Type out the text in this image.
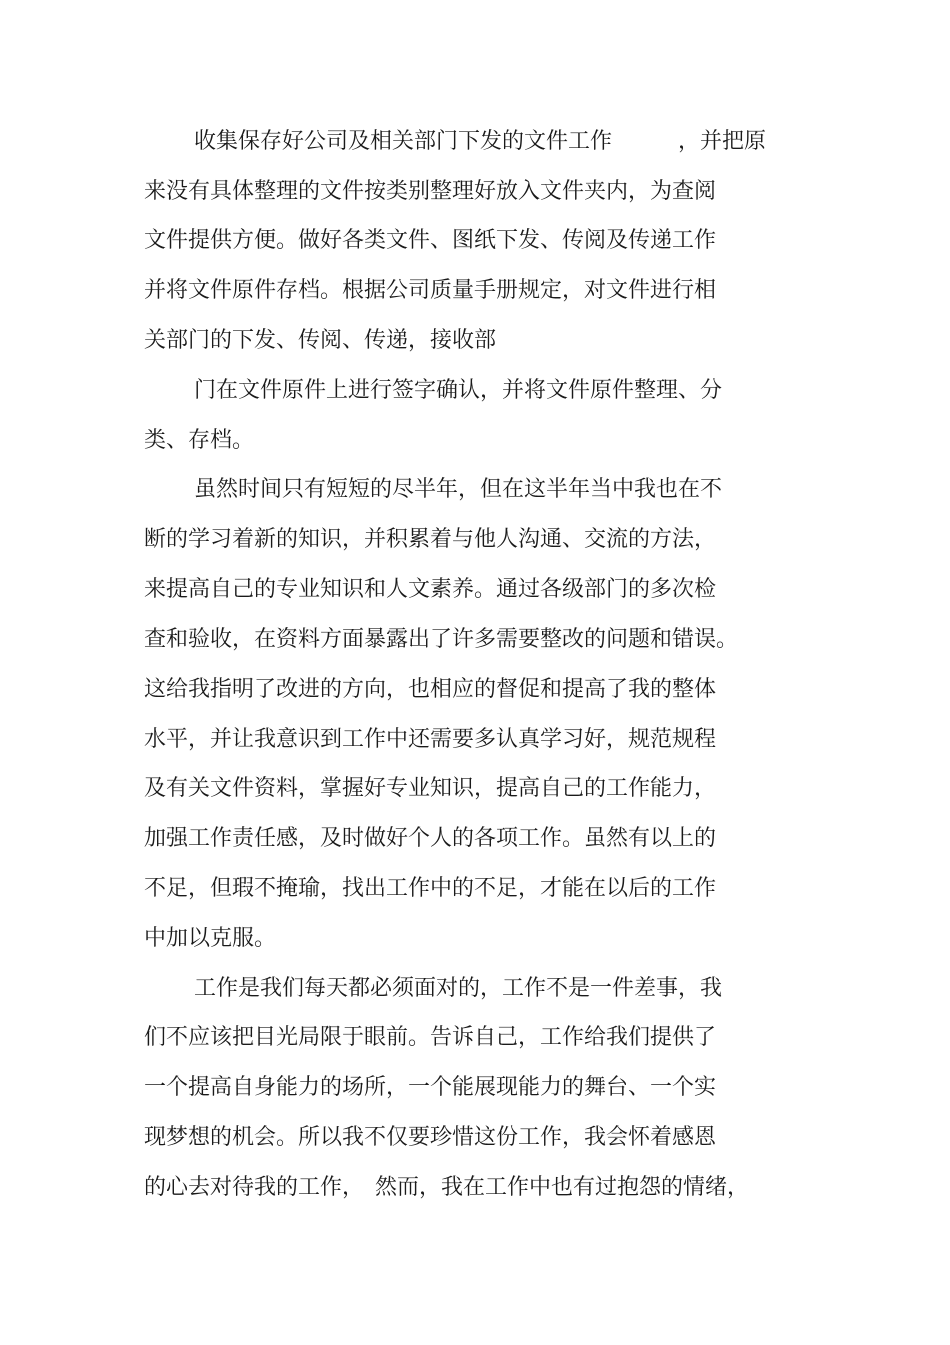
收集保存好公司及相关部门下发的文件工作　　　，并把原
来没有具体整理的文件按类别整理好放入文件夹内，为查阅
文件提供方便。做好各类文件、图纸下发、传阅及传递工作
并将文件原件存档。根据公司质量手册规定，对文件进行相
关部门的下发、传阅、传递，接收部
门在文件原件上进行签字确认，并将文件原件整理、分
类、存档。
虽然时间只有短短的尽半年，但在这半年当中我也在不
断的学习着新的知识，并积累着与他人沟通、交流的方法，
来提高自己的专业知识和人文素养。通过各级部门的多次检
查和验收，在资料方面暴露出了许多需要整改的问题和错误。
这给我指明了改进的方向，也相应的督促和提高了我的整体
水平，并让我意识到工作中还需要多认真学习好，规范规程
及有关文件资料，掌握好专业知识，提高自己的工作能力，
加强工作责任感，及时做好个人的各项工作。虽然有以上的
不足，但瑕不掩瑜，找出工作中的不足，才能在以后的工作
中加以克服。
工作是我们每天都必须面对的，工作不是一件差事，我
们不应该把目光局限于眼前。告诉自己，工作给我们提供了
一个提高自身能力的场所，一个能展现能力的舞台、一个实
现梦想的机会。所以我不仅要珍惜这份工作，我会怀着感恩
的心去对待我的工作，　然而，我在工作中也有过抱怨的情绪，
